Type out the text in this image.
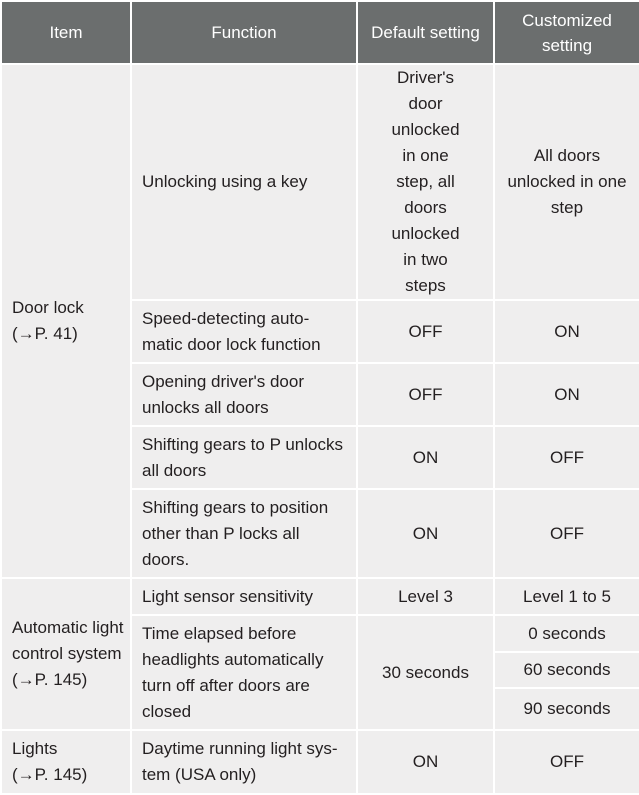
Item	Function	Default setting	Customized setting

Door lock
(→P. 41)	Unlocking using a key	Driver's door unlocked in one step, all doors unlocked in two steps	All doors unlocked in one step
	Speed-detecting auto-matic door lock function	OFF	ON
	Opening driver's door unlocks all doors	OFF	ON
	Shifting gears to P unlocks all doors	ON	OFF
	Shifting gears to position other than P locks all doors.	ON	OFF

Automatic light control system
(→P. 145)	Light sensor sensitivity	Level 3	Level 1 to 5
	Time elapsed before headlights automatically turn off after doors are closed	30 seconds	0 seconds
			60 seconds
			90 seconds

Lights
(→P. 145)	Daytime running light sys-tem (USA only)	ON	OFF
